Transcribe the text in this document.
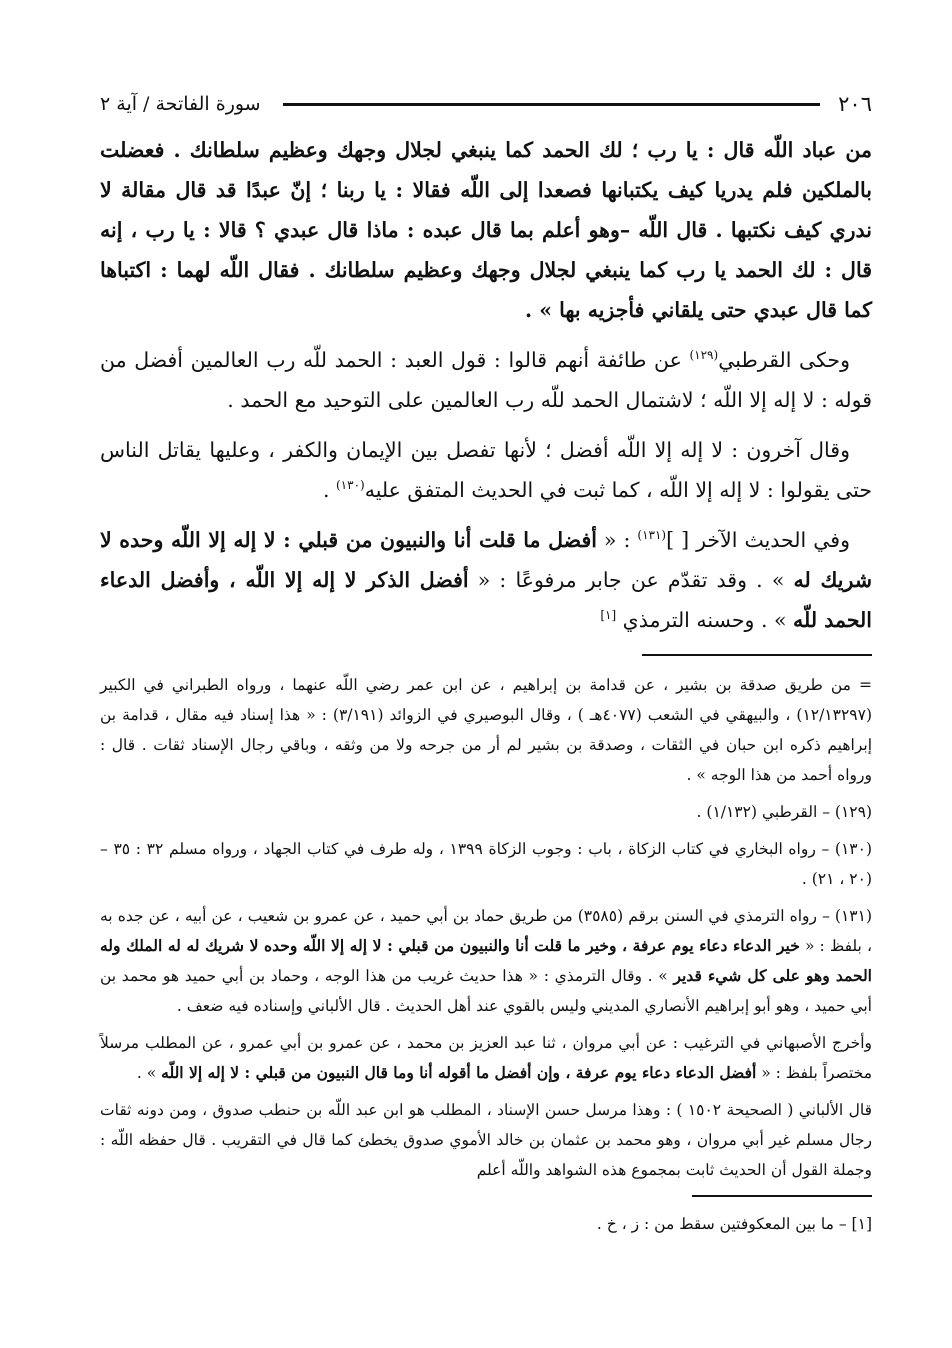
٢٠٦
سورة الفاتحة / آية ٢

من عباد اللّه قال : يا رب ؛ لك الحمد كما ينبغي لجلال وجهك وعظيم سلطانك . فعضلت بالملكين فلم يدريا كيف يكتبانها فصعدا إلى اللّه فقالا : يا ربنا ؛ إنّ عبدًا قد قال مقالة لا ندري كيف نكتبها . قال اللّه –وهو أعلم بما قال عبده : ماذا قال عبدي ؟ قالا : يا رب ، إنه قال : لك الحمد يا رب كما ينبغي لجلال وجهك وعظيم سلطانك . فقال اللّه لهما : اكتباها كما قال عبدي حتى يلقاني فأجزيه بها » .

وحكى القرطبي$^{(١٢٩)}$ عن طائفة أنهم قالوا : قول العبد : الحمد للّه رب العالمين أفضل من قوله : لا إله إلا اللّه ؛ لاشتمال الحمد للّه رب العالمين على التوحيد مع الحمد .

وقال آخرون : لا إله إلا اللّه أفضل ؛ لأنها تفصل بين الإيمان والكفر ، وعليها يقاتل الناس حتى يقولوا : لا إله إلا اللّه ، كما ثبت في الحديث المتفق عليه$^{(١٣٠)}$ .

وفي الحديث الآخر [ ]$^{(١٣١)}$ : « أفضل ما قلت أنا والنبيون من قبلي : لا إله إلا اللّه وحده لا شريك له » . وقد تقدّم عن جابر مرفوعًا : « أفضل الذكر لا إله إلا اللّه ، وأفضل الدعاء الحمد للّه » . وحسنه الترمذي [١]

= من طريق صدقة بن بشير ، عن قدامة بن إبراهيم ، عن ابن عمر رضي اللّه عنهما ، ورواه الطبراني في الكبير (١٢/١٣٢٩٧) ، والبيهقي في الشعب (٤٠٧٧هـ ) ، وقال البوصيري في الزوائد (٣/١٩١) : « هذا إسناد فيه مقال ، قدامة بن إبراهيم ذكره ابن حبان في الثقات ، وصدقة بن بشير لم أر من جرحه ولا من وثقه ، وباقي رجال الإسناد ثقات . قال : ورواه أحمد من هذا الوجه » .

(١٢٩) – القرطبي (١/١٣٢) .

(١٣٠) – رواه البخاري في كتاب الزكاة ، باب : وجوب الزكاة ١٣٩٩ ، وله طرف في كتاب الجهاد ، ورواه مسلم ٣٢ : ٣٥ – (٢٠ ، ٢١) .

(١٣١) – رواه الترمذي في السنن برقم (٣٥٨٥) من طريق حماد بن أبي حميد ، عن عمرو بن شعيب ، عن أبيه ، عن جده به ، بلفظ : « خير الدعاء دعاء يوم عرفة ، وخير ما قلت أنا والنبيون من قبلي : لا إله إلا اللّه وحده لا شريك له له الملك وله الحمد وهو على كل شيء قدير » . وقال الترمذي : « هذا حديث غريب من هذا الوجه ، وحماد بن أبي حميد هو محمد بن أبي حميد ، وهو أبو إبراهيم الأنصاري المديني وليس بالقوي عند أهل الحديث . قال الألباني وإسناده فيه ضعف .

وأخرج الأصبهاني في الترغيب : عن أبي مروان ، ثنا عبد العزيز بن محمد ، عن عمرو بن أبي عمرو ، عن المطلب مرسلاً مختصراً بلفظ : « أفضل الدعاء دعاء يوم عرفة ، وإن أفضل ما أقوله أنا وما قال النبيون من قبلي : لا إله إلا اللّه » .

قال الألباني ( الصحيحة ١٥٠٢ ) : وهذا مرسل حسن الإسناد ، المطلب هو ابن عبد اللّه بن حنطب صدوق ، ومن دونه ثقات رجال مسلم غير أبي مروان ، وهو محمد بن عثمان بن خالد الأموي صدوق يخطئ كما قال في التقريب . قال حفظه اللّه : وجملة القول أن الحديث ثابت بمجموع هذه الشواهد واللّه أعلم

[١] – ما بين المعكوفتين سقط من : ز ، خ .
